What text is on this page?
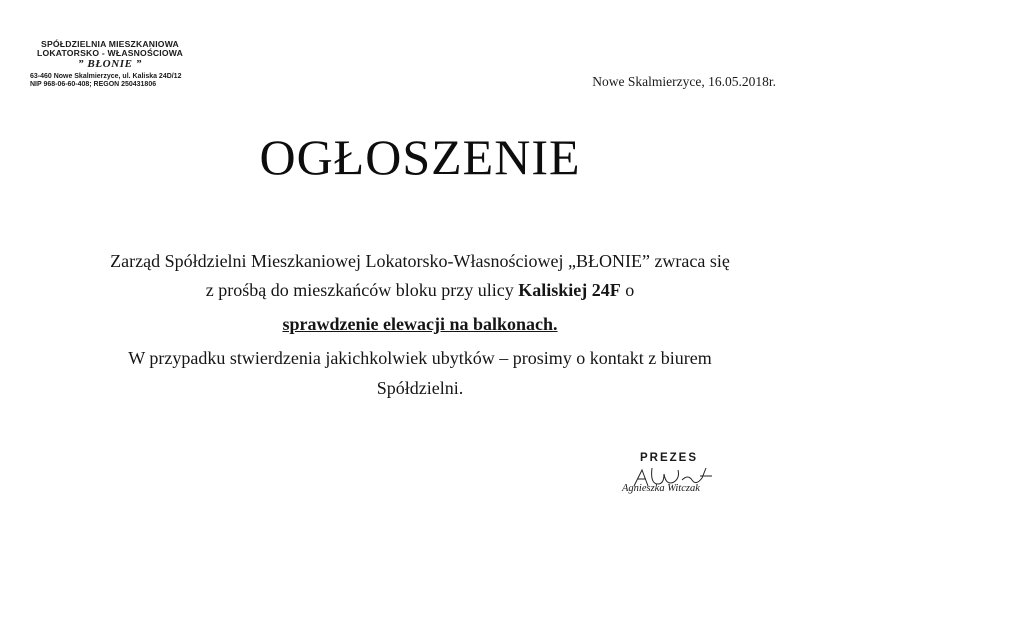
SPÓŁDZIELNIA MIESZKANIOWA
LOKATORSKO - WŁASNOŚCIOWA
” BŁONIE ”
63-460 Nowe Skalmierzyce, ul. Kaliska 24D/12
NIP 968-06-60-408; REGON 250431806	Nowe Skalmierzyce, 16.05.2018r.
OGŁOSZENIE
Zarząd Spółdzielni Mieszkaniowej Lokatorsko-Własnościowej „BŁONIE” zwraca się
z prośbą do mieszkańców bloku przy ulicy Kaliskiej 24F o
sprawdzenie elewacji na balkonach.
W przypadku stwierdzenia jakichkolwiek ubytków – prosimy o kontakt z biurem
Spółdzielni.
PREZES
Agnieszka Witczak
